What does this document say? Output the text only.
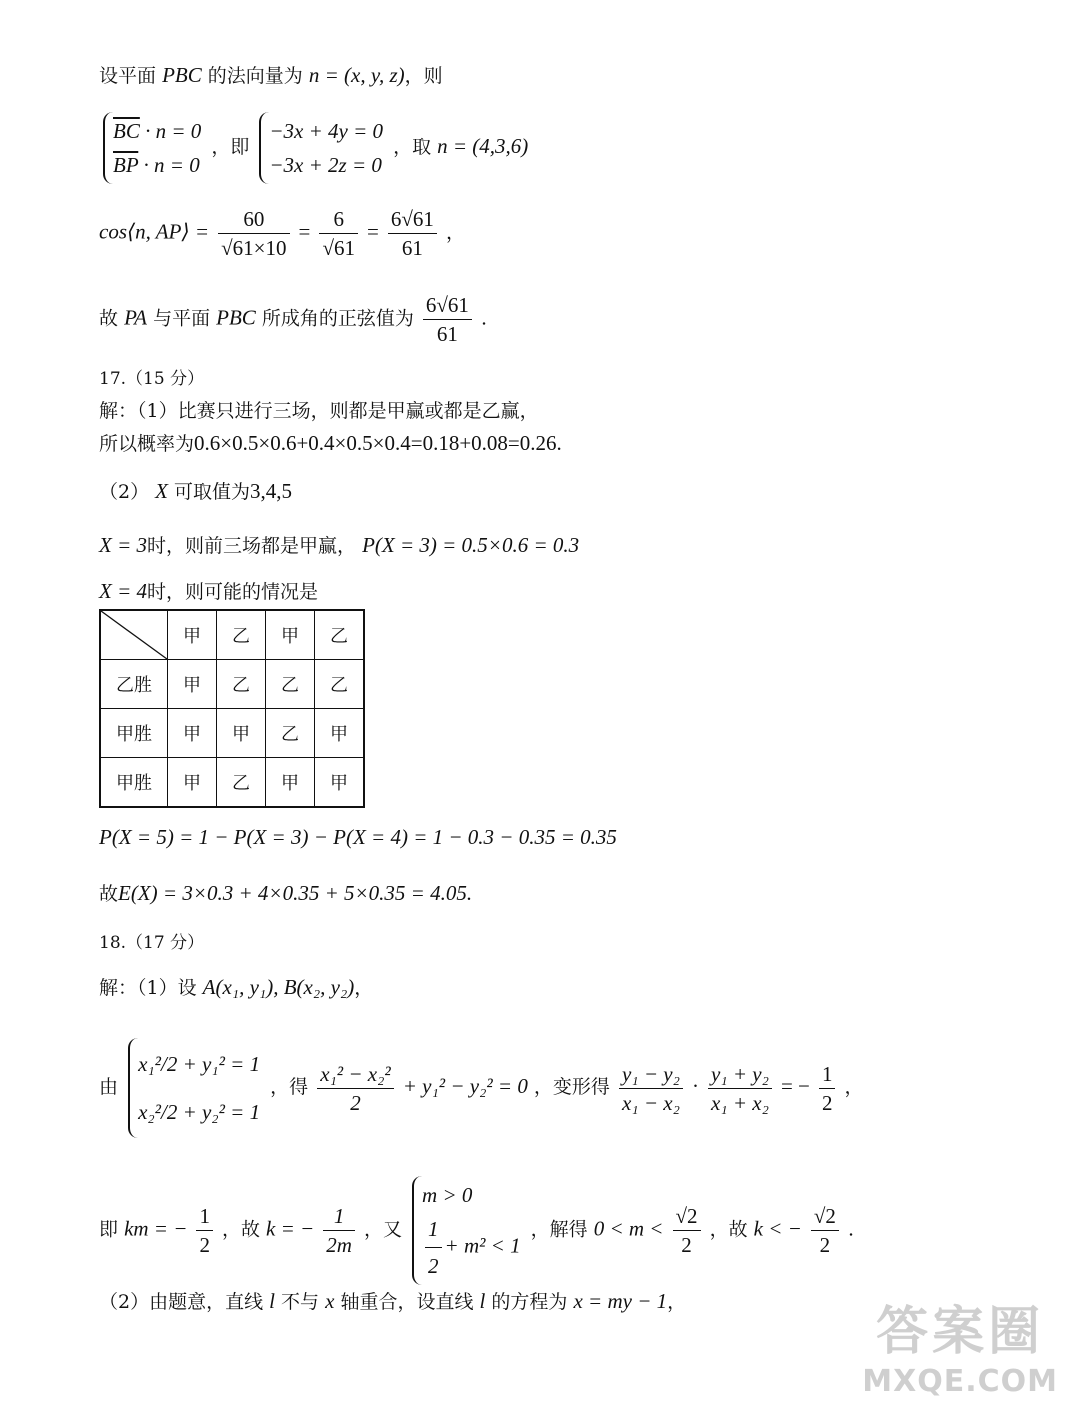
设平面 PBC 的法向量为 n = (x, y, z)，则
$\overline{BC} \cdot n = 0$
$\overline{BP} \cdot n = 0$
，即
−3x + 4y = 0
−3x + 2z = 0
，取 n = (4,3,6)
cos⟨n, AP⟩ = $\frac{60}{√61\times 10} = \frac{6}{√61} = \frac{6√61}{61}$ ，
故 PA 与平面 PBC 所成角的正弦值为 $\frac{6√61}{61}$ .
17.（15 分）
解：（1）比赛只进行三场，则都是甲赢或都是乙赢，
所以概率为0.6×0.5×0.6+0.4×0.5×0.4=0.18+0.08=0.26.
（2） X 可取值为3,4,5
X = 3时，则前三场都是甲赢， P(X = 3) = 0.5×0.6 = 0.3
X = 4时，则可能的情况是
	甲	乙	甲	乙
乙胜	甲	乙	乙	乙
甲胜	甲	甲	乙	甲
甲胜	甲	乙	甲	甲
P(X = 5) = 1 − P(X = 3) − P(X = 4) = 1 − 0.3 − 0.35 = 0.35
故E(X) = 3×0.3 + 4×0.35 + 5×0.35 = 4.05.
18.（17 分）
解：（1）设 A(x₁, y₁), B(x₂, y₂)，
由
x₁²/2 + y₁² = 1
x₂²/2 + y₂² = 1
，得 $\frac{\text{x₁² − x₂²}}{2} + y_1^2 - y_2^2 = 0$ ，变形得 $\frac{\text{y₁ − y₂}}{\text{x₁ − x₂}} \cdot \frac{\text{y₁ + y₂}}{\text{x₁ + x₂}}$ = − $\frac{1}{2}$ ，
即 km = − $\frac{1}{2}$ ，故 k = − $\frac{1}{2m}$ ，又
m > 0
$\frac{1}{2} + m^2 < 1$
，解得 $0 < m < \frac{√2}{2}$ ，故 k < − $\frac{√2}{2}$ .
（2）由题意，直线 l 不与 x 轴重合，设直线 l 的方程为 x = my − 1，	答案圈
MXQE.COM
